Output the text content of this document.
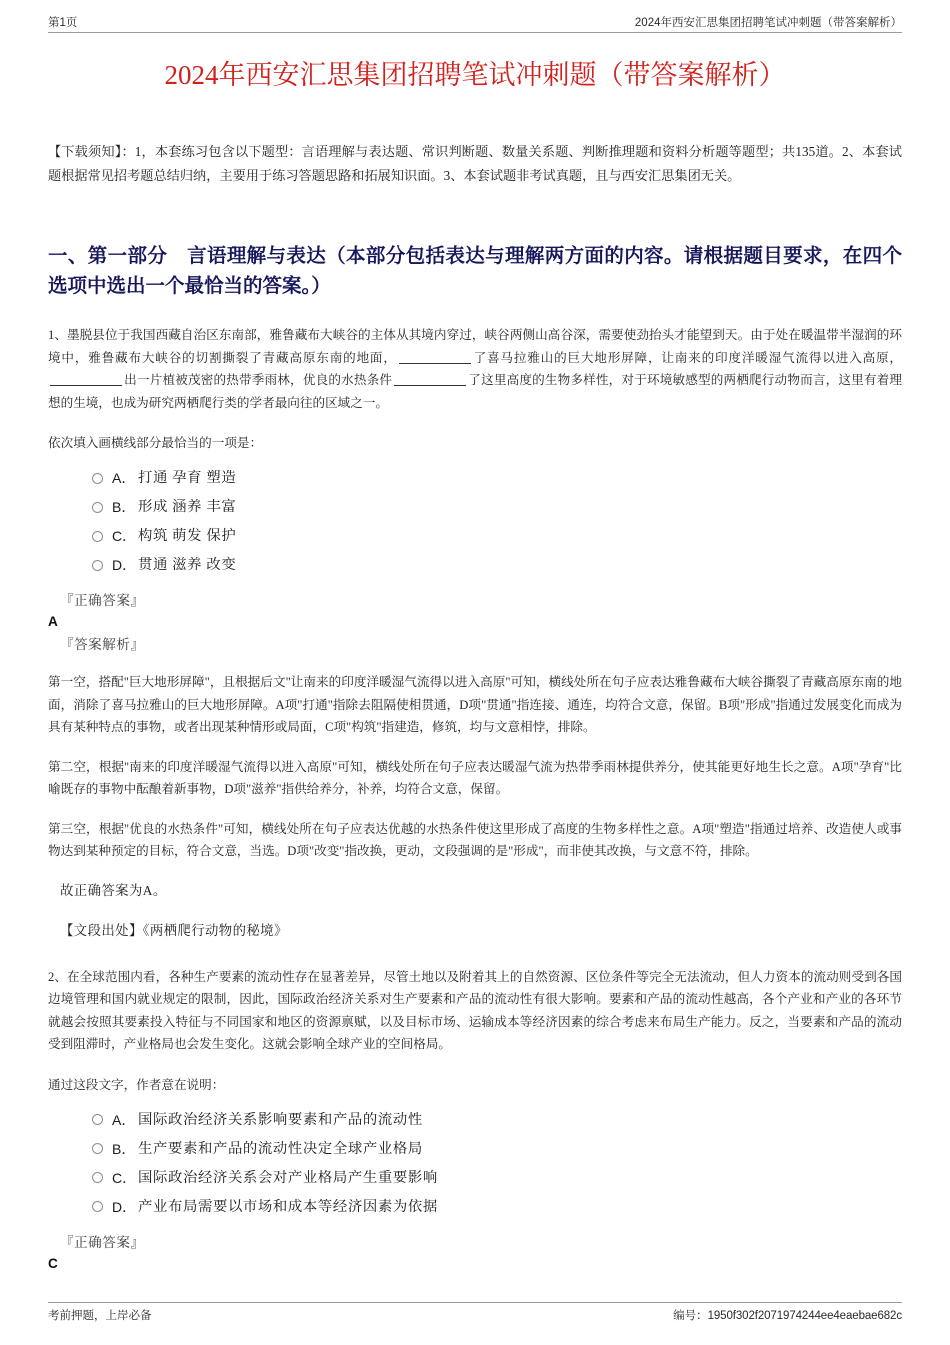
第1页	2024年西安汇思集团招聘笔试冲刺题（带答案解析）
2024年西安汇思集团招聘笔试冲刺题（带答案解析）

【下载须知】：1，本套练习包含以下题型：言语理解与表达题、常识判断题、数量关系题、判断推理题和资料分析题等题型；共135道。2、本套试题根据常见招考题总结归纳，主要用于练习答题思路和拓展知识面。3、本套试题非考试真题，且与西安汇思集团无关。

一、第一部分　言语理解与表达（本部分包括表达与理解两方面的内容。请根据题目要求，在四个选项中选出一个最恰当的答案。）

1、墨脱县位于我国西藏自治区东南部，雅鲁藏布大峡谷的主体从其境内穿过，峡谷两侧山高谷深，需要使劲抬头才能望到天。由于处在暖温带半湿润的环境中，雅鲁藏布大峡谷的切割撕裂了青藏高原东南的地面，	了喜马拉雅山的巨大地形屏障，让南来的印度洋暖湿气流得以进入高原，出一片植被茂密的热带季雨林，优良的水热条件	了这里高度的生物多样性，对于环境敏感型的两栖爬行动物而言，这里有着理想的生境，也成为研究两栖爬行类的学者最向往的区域之一。

依次填入画横线部分最恰当的一项是：

A． 打通 孕育 塑造
B． 形成 涵养 丰富
C． 构筑 萌发 保护
D． 贯通 滋养 改变

『正确答案』

A

『答案解析』

第一空，搭配"巨大地形屏障"，且根据后文"让南来的印度洋暖湿气流得以进入高原"可知，横线处所在句子应表达雅鲁藏布大峡谷撕裂了青藏高原东南的地面，消除了喜马拉雅山的巨大地形屏障。A项"打通"指除去阻隔使相贯通，D项"贯通"指连接、通连，均符合文意，保留。B项"形成"指通过发展变化而成为具有某种特点的事物，或者出现某种情形或局面，C项"构筑"指建造，修筑，均与文意相悖，排除。

第二空，根据"南来的印度洋暖湿气流得以进入高原"可知，横线处所在句子应表达暖湿气流为热带季雨林提供养分，使其能更好地生长之意。A项"孕育"比喻既存的事物中酝酿着新事物，D项"滋养"指供给养分，补养，均符合文意，保留。

第三空，根据"优良的水热条件"可知，横线处所在句子应表达优越的水热条件使这里形成了高度的生物多样性之意。A项"塑造"指通过培养、改造使人或事物达到某种预定的目标，符合文意，当选。D项"改变"指改换，更动，文段强调的是"形成"，而非使其改换，与文意不符，排除。

故正确答案为A。

【文段出处】《两栖爬行动物的秘境》

2、在全球范围内看，各种生产要素的流动性存在显著差异，尽管土地以及附着其上的自然资源、区位条件等完全无法流动，但人力资本的流动则受到各国边境管理和国内就业规定的限制，因此，国际政治经济关系对生产要素和产品的流动性有很大影响。要素和产品的流动性越高，各个产业和产业的各环节就越会按照其要素投入特征与不同国家和地区的资源禀赋，以及目标市场、运输成本等经济因素的综合考虑来布局生产能力。反之，当要素和产品的流动受到阻滞时，产业格局也会发生变化。这就会影响全球产业的空间格局。

通过这段文字，作者意在说明：

A． 国际政治经济关系影响要素和产品的流动性
B． 生产要素和产品的流动性决定全球产业格局
C． 国际政治经济关系会对产业格局产生重要影响
D． 产业布局需要以市场和成本等经济因素为依据

『正确答案』

C

考前押题，上岸必备	编号：1950f302f2071974244ee4eaebae682c
